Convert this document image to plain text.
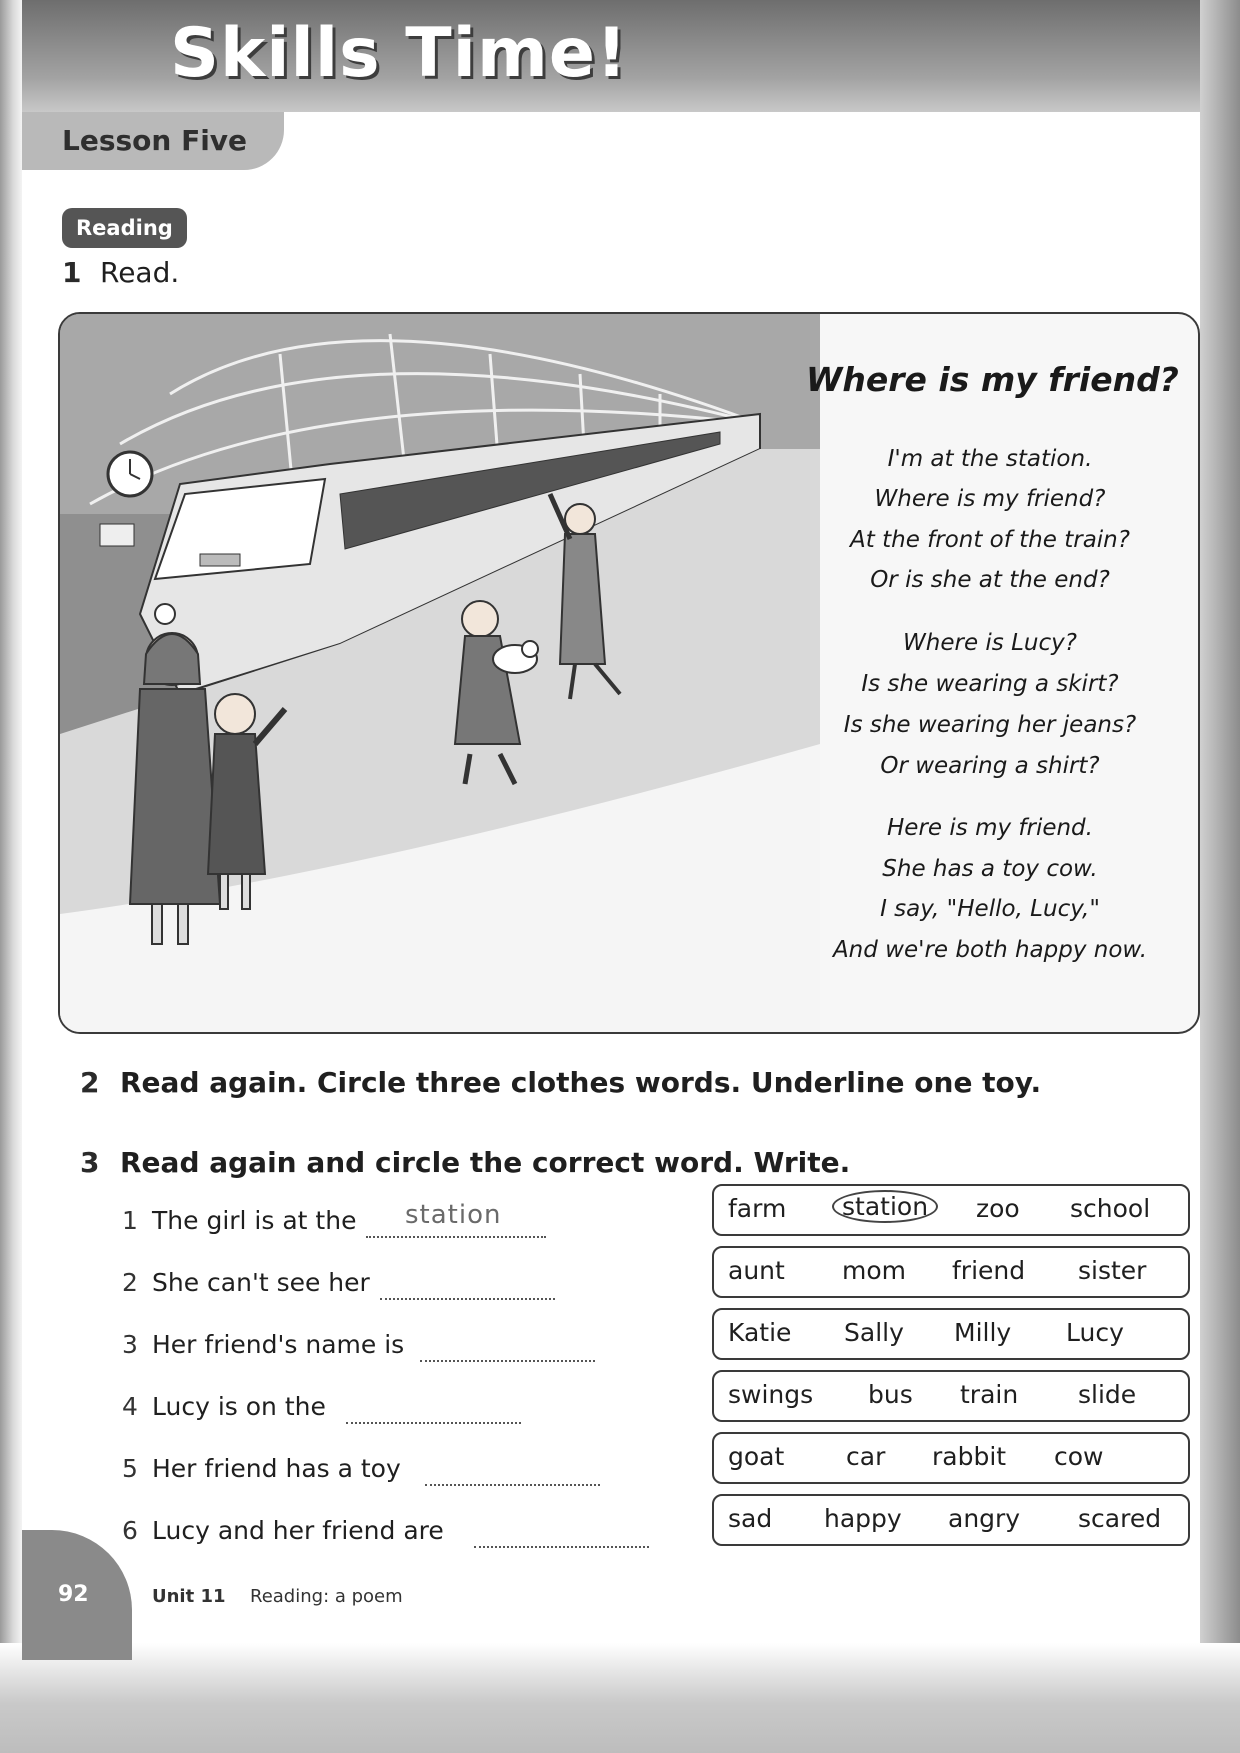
Skills Time!
Lesson Five
Reading
1 Read.
Where is my friend?
I'm at the station.
Where is my friend?
At the front of the train?
Or is she at the end?
Where is Lucy?
Is she wearing a skirt?
Is she wearing her jeans?
Or wearing a shirt?
Here is my friend.
She has a toy cow.
I say, "Hello, Lucy,"
And we're both happy now.
2 Read again. Circle three clothes words. Underline one toy.
3 Read again and circle the correct word. Write.
1 The girl is at the station
2 She can't see her
3 Her friend's name is
4 Lucy is on the
5 Her friend has a toy
6 Lucy and her friend are
farm	station	zoo school
aunt mom friend sister
Katie Sally Milly Lucy
swings bus train slide
goat car rabbit cow
sad happy angry scared
92	Unit 11 Reading: a poem
